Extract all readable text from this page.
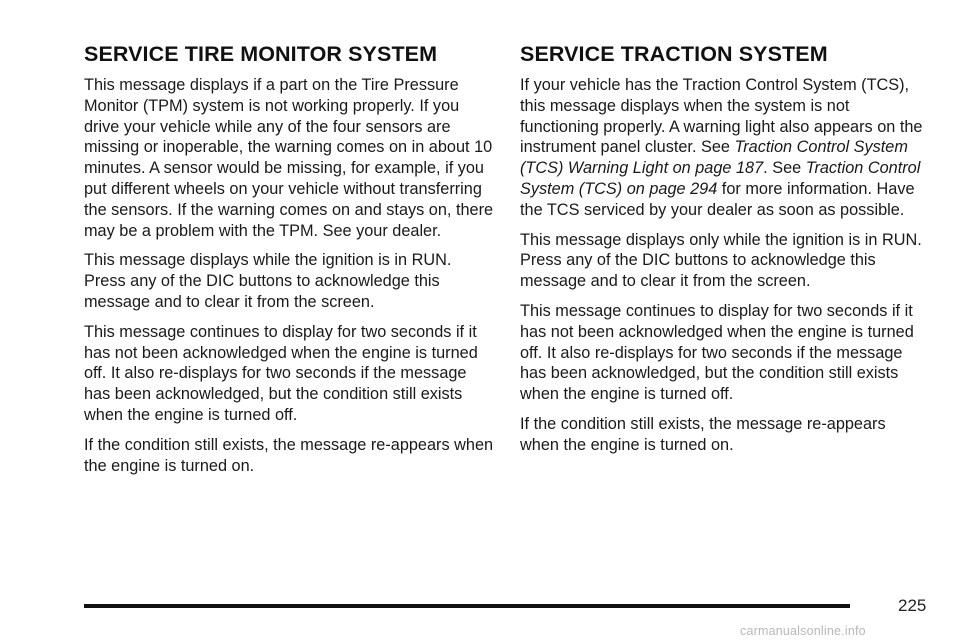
SERVICE TIRE MONITOR SYSTEM

This message displays if a part on the Tire Pressure Monitor (TPM) system is not working properly. If you drive your vehicle while any of the four sensors are missing or inoperable, the warning comes on in about 10 minutes. A sensor would be missing, for example, if you put different wheels on your vehicle without transferring the sensors. If the warning comes on and stays on, there may be a problem with the TPM. See your dealer.

This message displays while the ignition is in RUN. Press any of the DIC buttons to acknowledge this message and to clear it from the screen.

This message continues to display for two seconds if it has not been acknowledged when the engine is turned off. It also re-displays for two seconds if the message has been acknowledged, but the condition still exists when the engine is turned off.

If the condition still exists, the message re-appears when the engine is turned on.

SERVICE TRACTION SYSTEM

If your vehicle has the Traction Control System (TCS), this message displays when the system is not functioning properly. A warning light also appears on the instrument panel cluster. See Traction Control System (TCS) Warning Light on page 187. See Traction Control System (TCS) on page 294 for more information. Have the TCS serviced by your dealer as soon as possible.

This message displays only while the ignition is in RUN. Press any of the DIC buttons to acknowledge this message and to clear it from the screen.

This message continues to display for two seconds if it has not been acknowledged when the engine is turned off. It also re-displays for two seconds if the message has been acknowledged, but the condition still exists when the engine is turned off.

If the condition still exists, the message re-appears when the engine is turned on.

225
carmanualsonline.info
